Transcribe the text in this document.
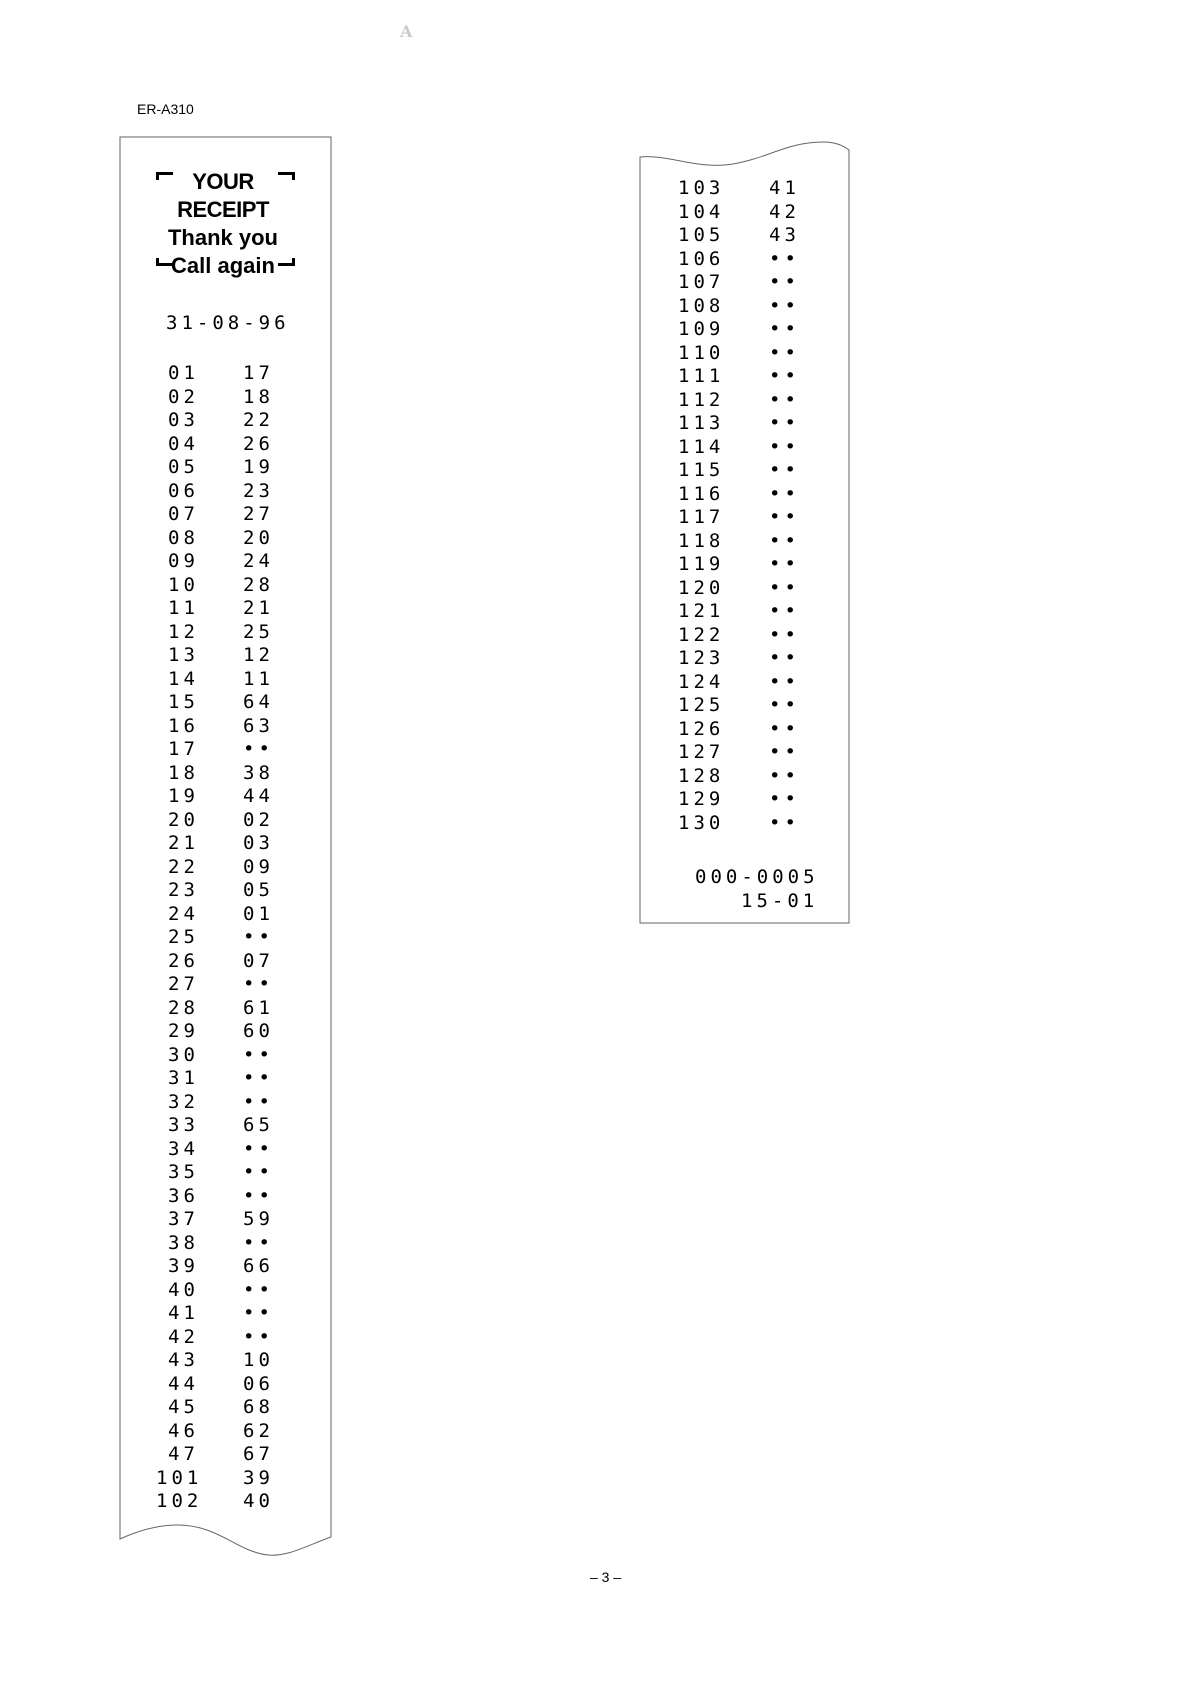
A
ER-A310
YOUR RECEIPT
Thank you
Call again
31-08-96
01 17
02 18
03 22
04 26
05 19
06 23
07 27
08 20
09 24
10 28
11 21
12 25
13 12
14 11
15 64
16 63
17 ••
18 38
19 44
20 02
21 03
22 09
23 05
24 01
25 ••
26 07
27 ••
28 61
29 60
30 ••
31 ••
32 ••
33 65
34 ••
35 ••
36 ••
37 59
38 ••
39 66
40 ••
41 ••
42 ••
43 10
44 06
45 68
46 62
47 67
101 39
102 40
103 41
104 42
105 43
106 ••
107 ••
108 ••
109 ••
110 ••
111 ••
112 ••
113 ••
114 ••
115 ••
116 ••
117 ••
118 ••
119 ••
120 ••
121 ••
122 ••
123 ••
124 ••
125 ••
126 ••
127 ••
128 ••
129 ••
130 ••
000-0005
15-01
– 3 –
